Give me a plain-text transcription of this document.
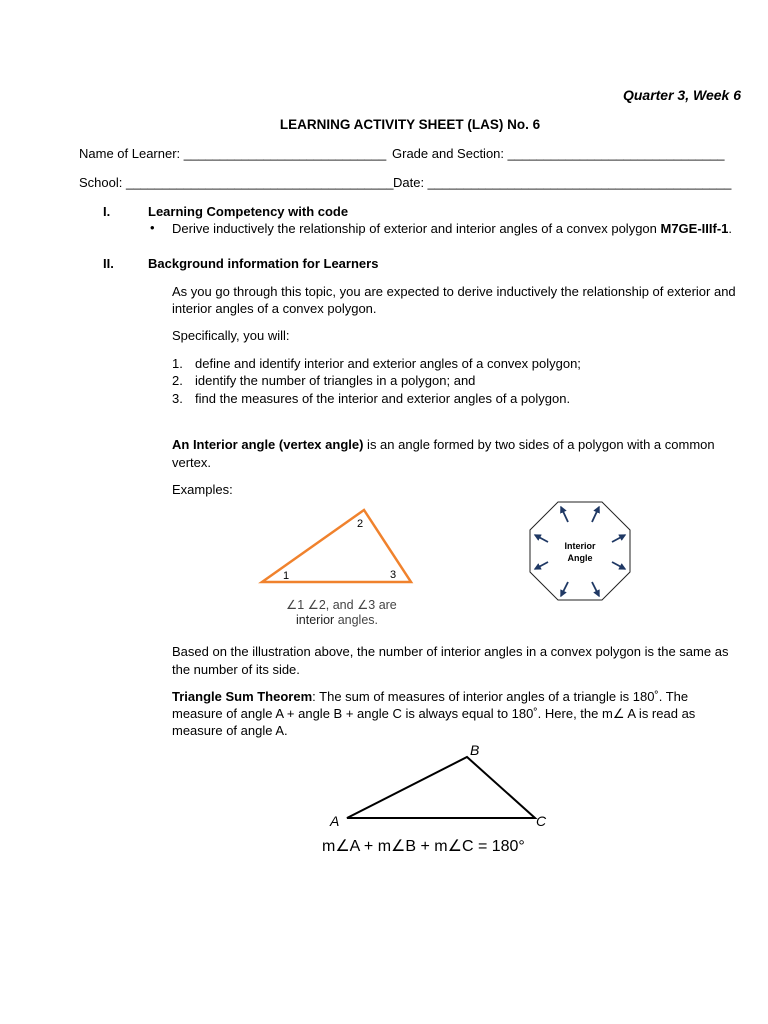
Quarter 3, Week 6
LEARNING ACTIVITY SHEET (LAS) No. 6
Name of Learner: ____________________________ Grade and Section: ______________________________
School: _____________________________________ Date: __________________________________________
I.	Learning Competency with code
• Derive inductively the relationship of exterior and interior angles of a convex polygon M7GE-IIIf-1.
II.	Background information for Learners
As you go through this topic, you are expected to derive inductively the relationship of exterior and interior angles of a convex polygon.
Specifically, you will:
1. define and identify interior and exterior angles of a convex polygon;
2. identify the number of triangles in a polygon; and
3. find the measures of the interior and exterior angles of a polygon.
An Interior angle (vertex angle) is an angle formed by two sides of a polygon with a common vertex.
Examples:
2
1	3
∠1 ∠2, and ∠3 are
interior angles.
Interior
Angle
Based on the illustration above, the number of interior angles in a convex polygon is the same as the number of its side.
Triangle Sum Theorem: The sum of measures of interior angles of a triangle is 180˚. The measure of angle A + angle B + angle C is always equal to 180˚. Here, the m∠ A is read as measure of angle A.
B
A	C
m∠A + m∠B + m∠C = 180°
